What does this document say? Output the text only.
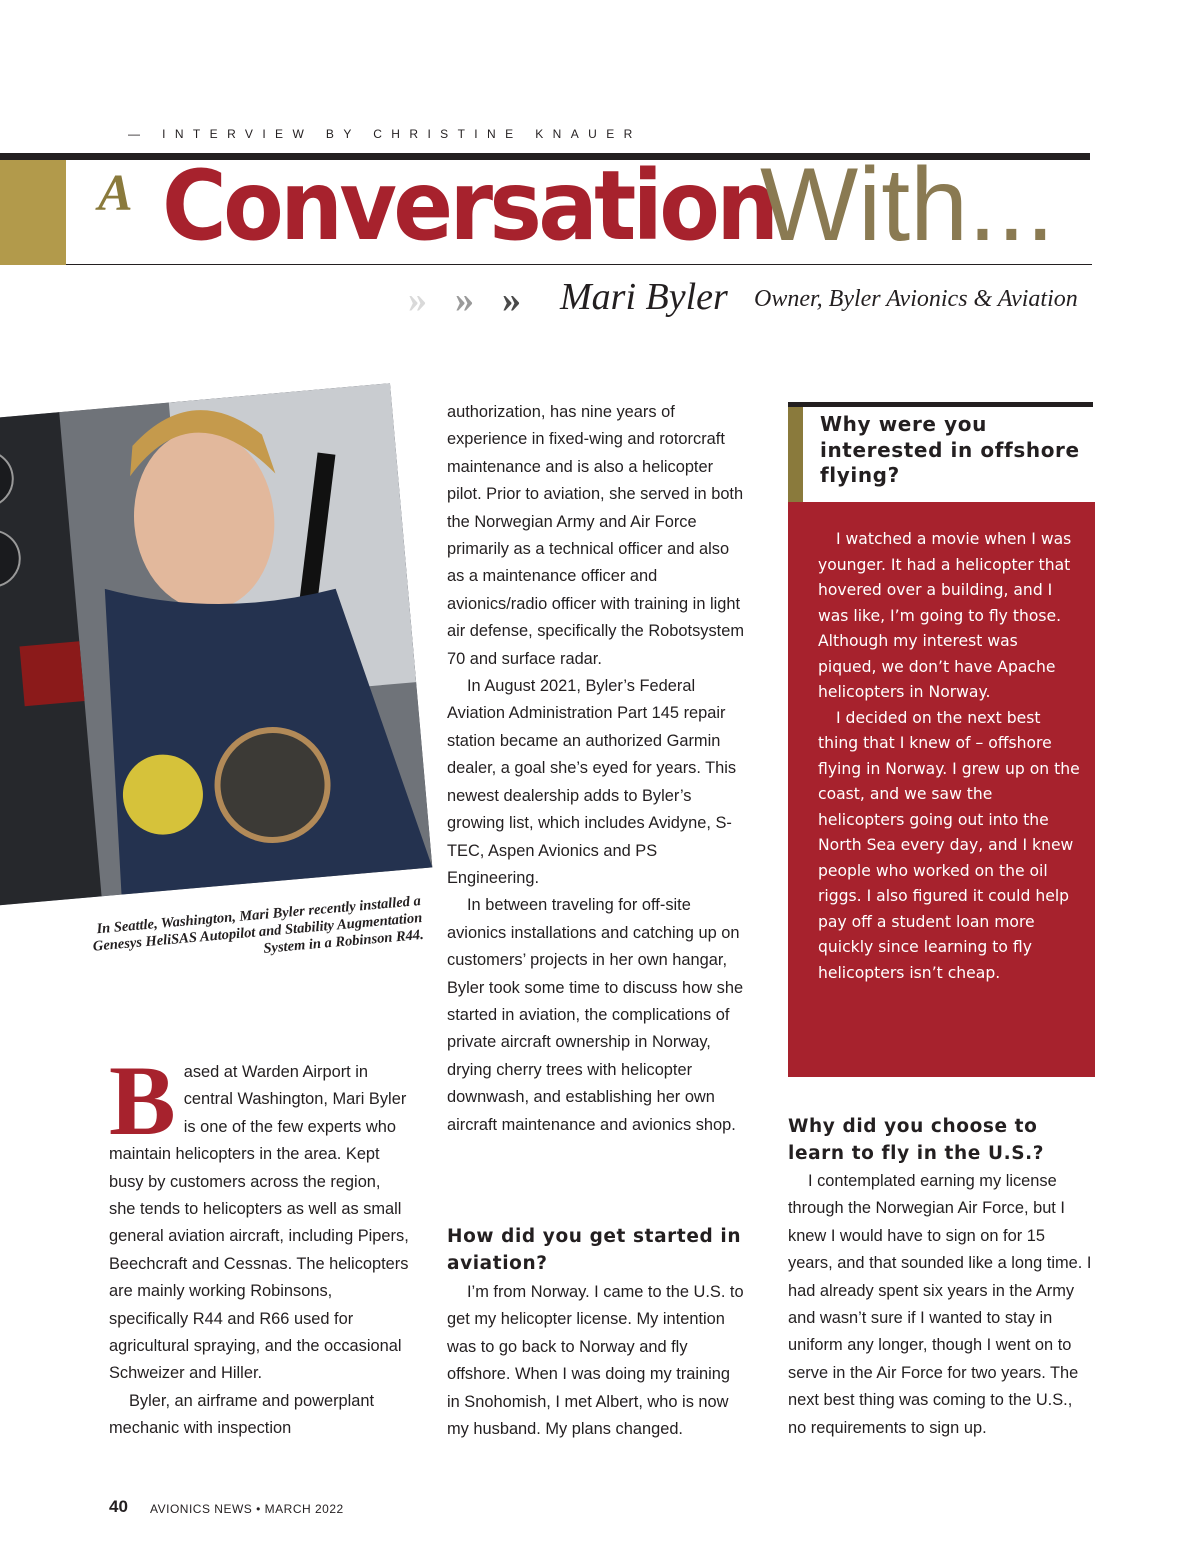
— INTERVIEW BY CHRISTINE KNAUER
A Conversation
With...
» » » Mari Byler Owner, Byler Avionics & Aviation
In Seattle, Washington, Mari Byler recently installed a Genesys HeliSAS Autopilot and Stability Augmentation System in a Robinson R44.
B ased at Warden Airport in central Washington, Mari Byler is one of the few experts who maintain helicopters in the area. Kept busy by customers across the region, she tends to helicopters as well as small general aviation aircraft, including Pipers, Beechcraft and Cessnas. The helicopters are mainly working Robinsons, specifically R44 and R66 used for agricultural spraying, and the occasional Schweizer and Hiller.

Byler, an airframe and powerplant mechanic with inspection

authorization, has nine years of experience in fixed-wing and rotorcraft maintenance and is also a helicopter pilot. Prior to aviation, she served in both the Norwegian Army and Air Force primarily as a technical officer and also as a maintenance officer and avionics/radio officer with training in light air defense, specifically the Robotsystem 70 and surface radar.

In August 2021, Byler’s Federal Aviation Administration Part 145 repair station became an authorized Garmin dealer, a goal she’s eyed for years. This newest dealership adds to Byler’s growing list, which includes Avidyne, S-TEC, Aspen Avionics and PS Engineering.

In between traveling for off-site avionics installations and catching up on customers’ projects in her own hangar, Byler took some time to discuss how she started in aviation, the complications of private aircraft ownership in Norway, drying cherry trees with helicopter downwash, and establishing her own aircraft maintenance and avionics shop.

How did you get started in aviation?

I’m from Norway. I came to the U.S. to get my helicopter license. My intention was to go back to Norway and fly offshore. When I was doing my training in Snohomish, I met Albert, who is now my husband. My plans changed.

Why were you interested in offshore flying?

I watched a movie when I was younger. It had a helicopter that hovered over a building, and I was like, I’m going to fly those. Although my interest was piqued, we don’t have Apache helicopters in Norway.

I decided on the next best thing that I knew of – offshore flying in Norway. I grew up on the coast, and we saw the helicopters going out into the North Sea every day, and I knew people who worked on the oil riggs. I also figured it could help pay off a student loan more quickly since learning to fly helicopters isn’t cheap.

Why did you choose to learn to fly in the U.S.?

I contemplated earning my license through the Norwegian Air Force, but I knew I would have to sign on for 15 years, and that sounded like a long time. I had already spent six years in the Army and wasn’t sure if I wanted to stay in uniform any longer, though I went on to serve in the Air Force for two years. The next best thing was coming to the U.S., no requirements to sign up.

40 AVIONICS NEWS • MARCH 2022
